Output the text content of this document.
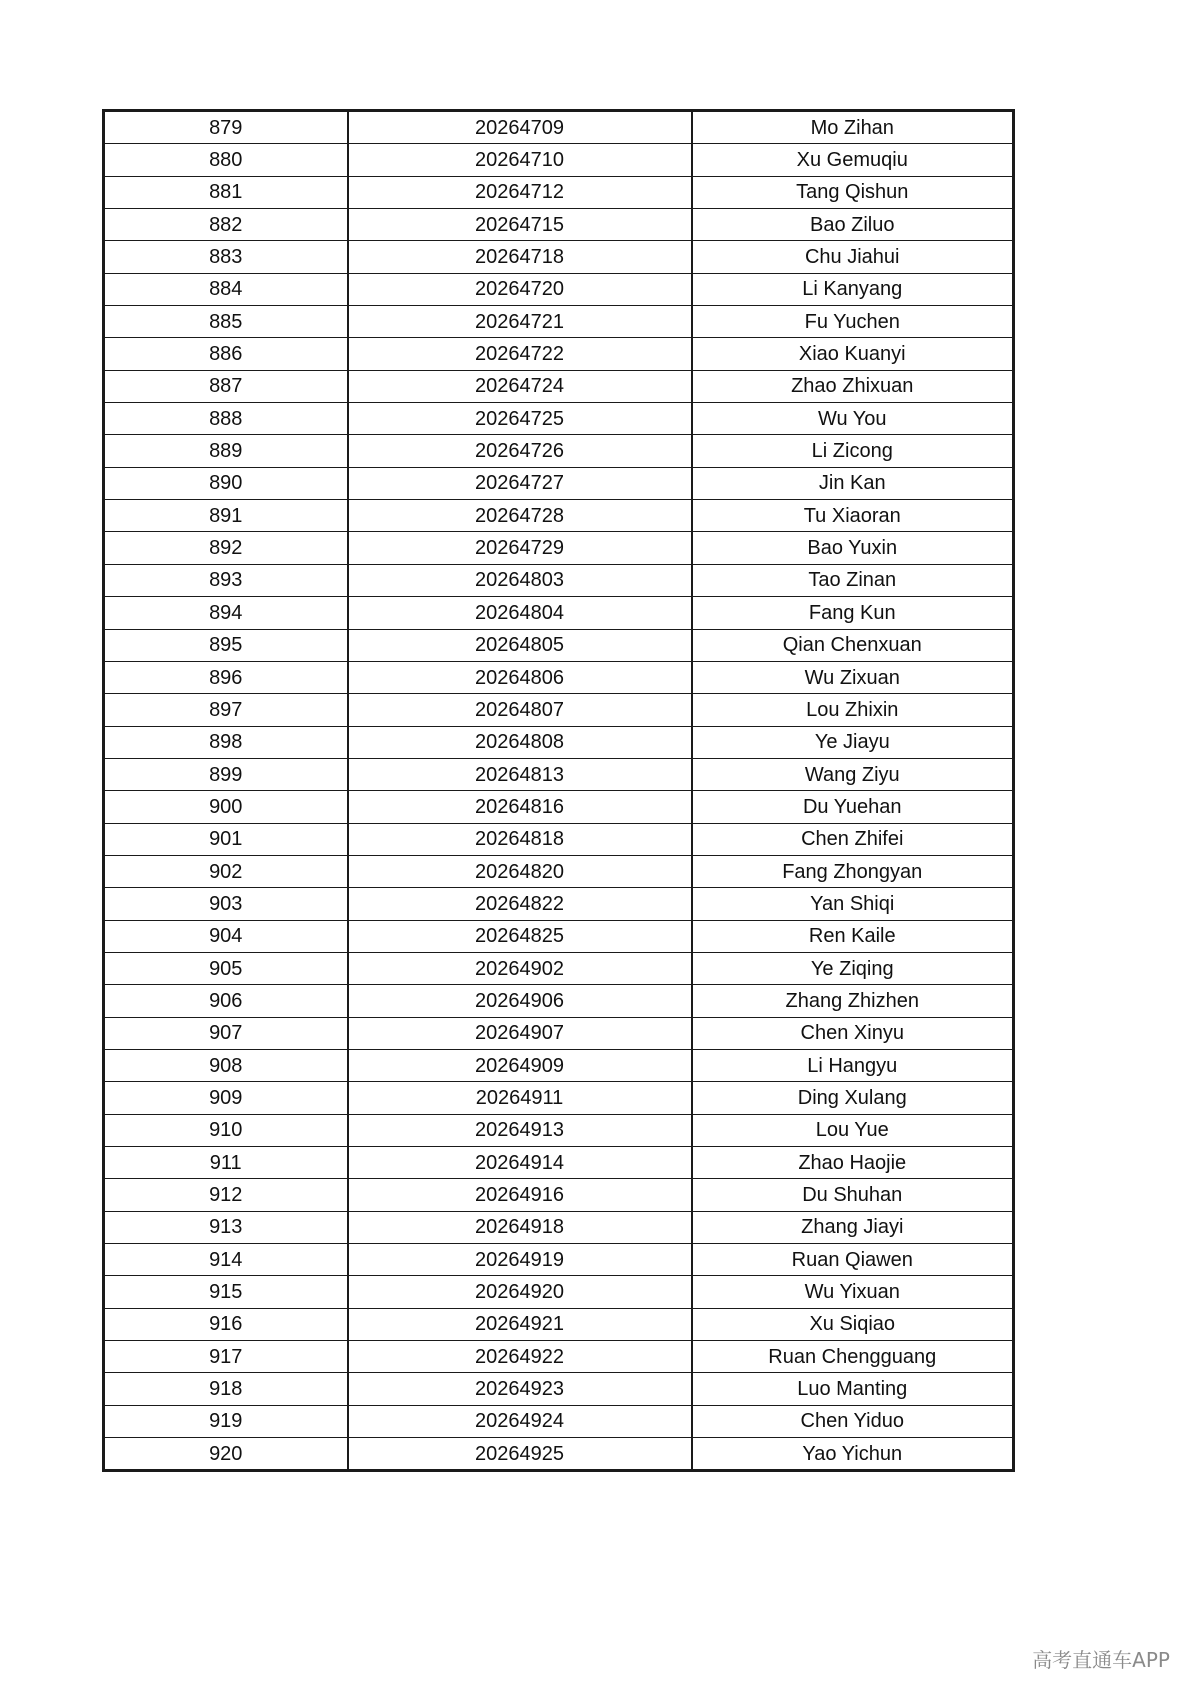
879	20264709	Mo Zihan
880	20264710	Xu Gemuqiu
881	20264712	Tang Qishun
882	20264715	Bao Ziluo
883	20264718	Chu Jiahui
884	20264720	Li Kanyang
885	20264721	Fu Yuchen
886	20264722	Xiao Kuanyi
887	20264724	Zhao Zhixuan
888	20264725	Wu You
889	20264726	Li Zicong
890	20264727	Jin Kan
891	20264728	Tu Xiaoran
892	20264729	Bao Yuxin
893	20264803	Tao Zinan
894	20264804	Fang Kun
895	20264805	Qian Chenxuan
896	20264806	Wu Zixuan
897	20264807	Lou Zhixin
898	20264808	Ye Jiayu
899	20264813	Wang Ziyu
900	20264816	Du Yuehan
901	20264818	Chen Zhifei
902	20264820	Fang Zhongyan
903	20264822	Yan Shiqi
904	20264825	Ren Kaile
905	20264902	Ye Ziqing
906	20264906	Zhang Zhizhen
907	20264907	Chen Xinyu
908	20264909	Li Hangyu
909	20264911	Ding Xulang
910	20264913	Lou Yue
911	20264914	Zhao Haojie
912	20264916	Du Shuhan
913	20264918	Zhang Jiayi
914	20264919	Ruan Qiawen
915	20264920	Wu Yixuan
916	20264921	Xu Siqiao
917	20264922	Ruan Chengguang
918	20264923	Luo Manting
919	20264924	Chen Yiduo
920	20264925	Yao Yichun
高考直通车APP
